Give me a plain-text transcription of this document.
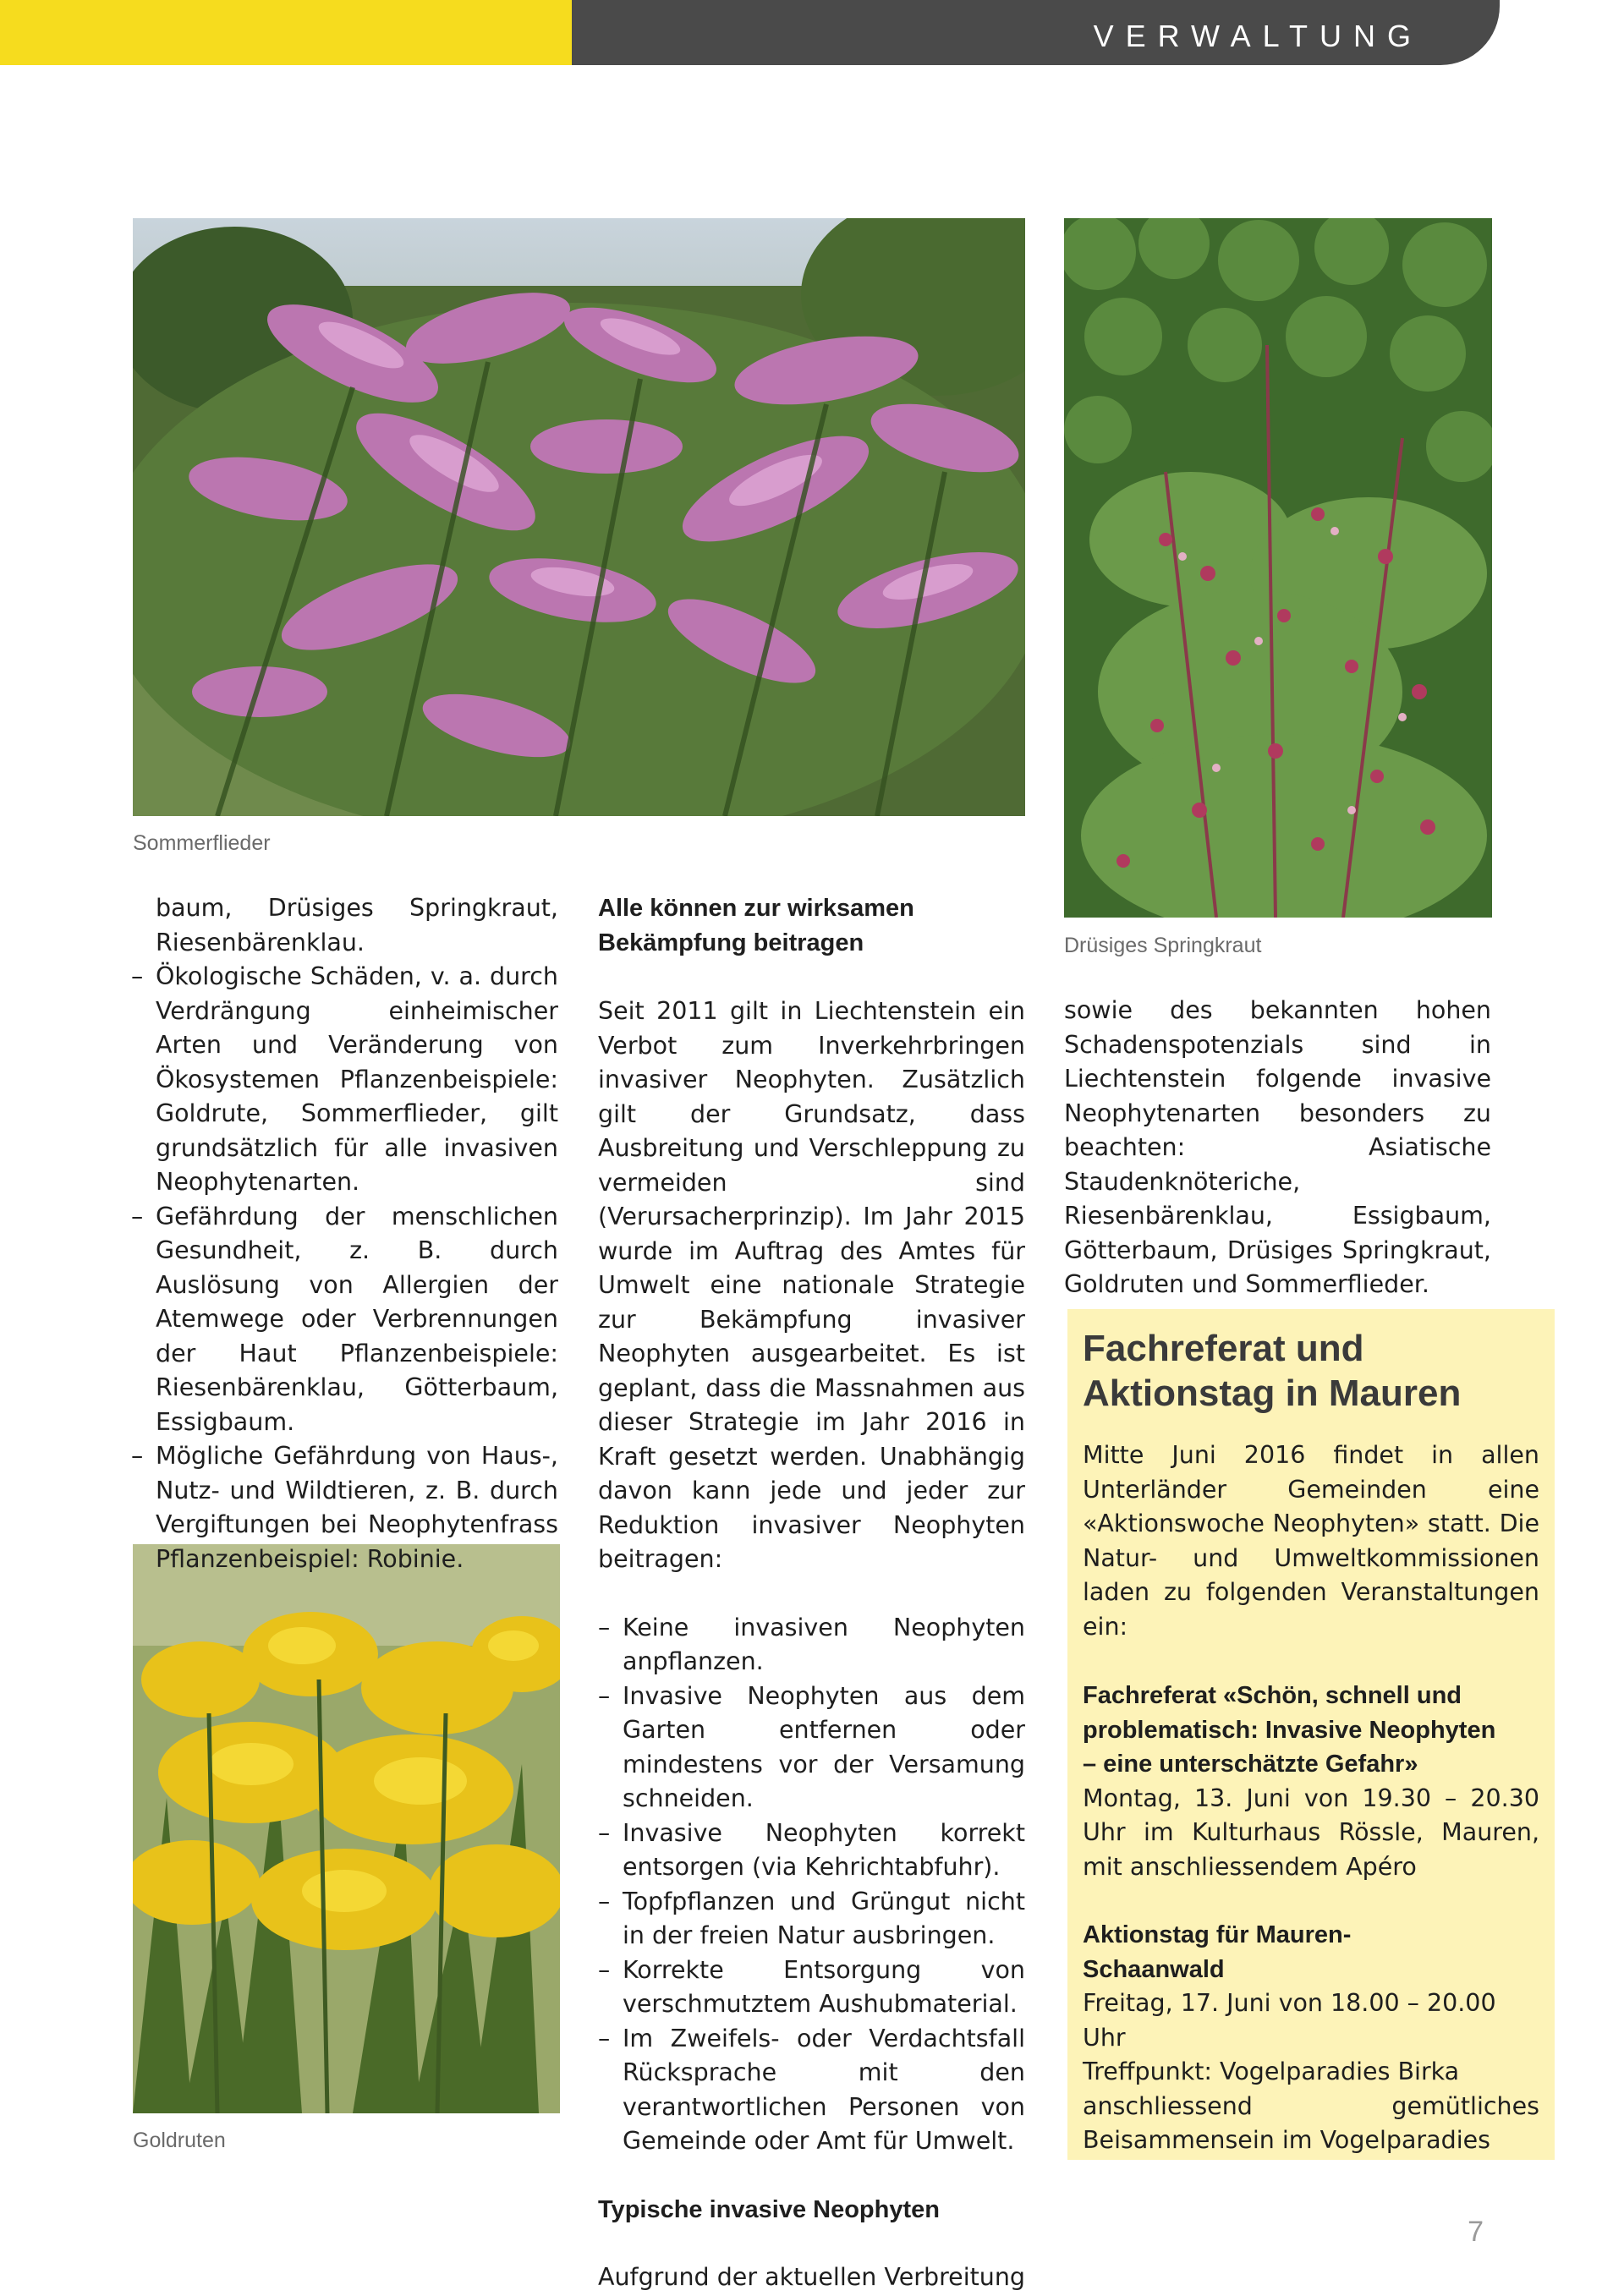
VERWALTUNG
Sommerflieder
Drüsiges Springkraut
Goldruten

baum, Drüsiges Springkraut, Riesenbärenklau.

– Ökologische Schäden, v. a. durch Verdrängung einheimischer Arten und Veränderung von Ökosystemen Pflanzenbeispiele: Goldrute, Sommerflieder, gilt grundsätzlich für alle invasiven Neophytenarten.
– Gefährdung der menschlichen Gesundheit, z. B. durch Auslösung von Allergien der Atemwege oder Verbrennungen der Haut Pflanzenbeispiele: Riesenbärenklau, Götterbaum, Essigbaum.
– Mögliche Gefährdung von Haus-, Nutz- und Wildtieren, z. B. durch Vergiftungen bei Neophytenfrass Pflanzenbeispiel: Robinie.
Alle können zur wirksamen Bekämpfung beitragen

Seit 2011 gilt in Liechtenstein ein Verbot zum Inverkehrbringen invasiver Neophyten. Zusätzlich gilt der Grundsatz, dass Ausbreitung und Verschleppung zu vermeiden sind (Verursacherprinzip). Im Jahr 2015 wurde im Auftrag des Amtes für Umwelt eine nationale Strategie zur Bekämpfung invasiver Neophyten ausgearbeitet. Es ist geplant, dass die Massnahmen aus dieser Strategie im Jahr 2016 in Kraft gesetzt werden. Unabhängig davon kann jede und jeder zur Reduktion invasiver Neophyten beitragen:

– Keine invasiven Neophyten anpflanzen.
– Invasive Neophyten aus dem Garten entfernen oder mindestens vor der Versamung schneiden.
– Invasive Neophyten korrekt entsorgen (via Kehrichtabfuhr).
– Topfpflanzen und Grüngut nicht in der freien Natur ausbringen.
– Korrekte Entsorgung von verschmutztem Aushubmaterial.
– Im Zweifels- oder Verdachtsfall Rücksprache mit den verantwortlichen Personen von Gemeinde oder Amt für Umwelt.
Typische invasive Neophyten

Aufgrund der aktuellen Verbreitung

sowie des bekannten hohen Schadenspotenzials sind in Liechtenstein folgende invasive Neophytenarten besonders zu beachten: Asiatische Staudenknöteriche, Riesenbärenklau, Essigbaum, Götterbaum, Drüsiges Springkraut, Goldruten und Sommerflieder.

Fachreferat und
Aktionstag in Mauren

Mitte Juni 2016 findet in allen Unterländer Gemeinden eine «Aktionswoche Neophyten» statt. Die Natur- und Umweltkommissionen laden zu folgenden Veranstaltungen ein:

Fachreferat «Schön, schnell und problematisch: Invasive Neophyten – eine unterschätzte Gefahr»

Montag, 13. Juni von 19.30 – 20.30 Uhr im Kulturhaus Rössle, Mauren, mit anschliessendem Apéro

Aktionstag für Mauren-Schaanwald

Freitag, 17. Juni von 18.00 – 20.00 Uhr

Treffpunkt: Vogelparadies Birka

anschliessend gemütliches Beisammensein im Vogelparadies

7
